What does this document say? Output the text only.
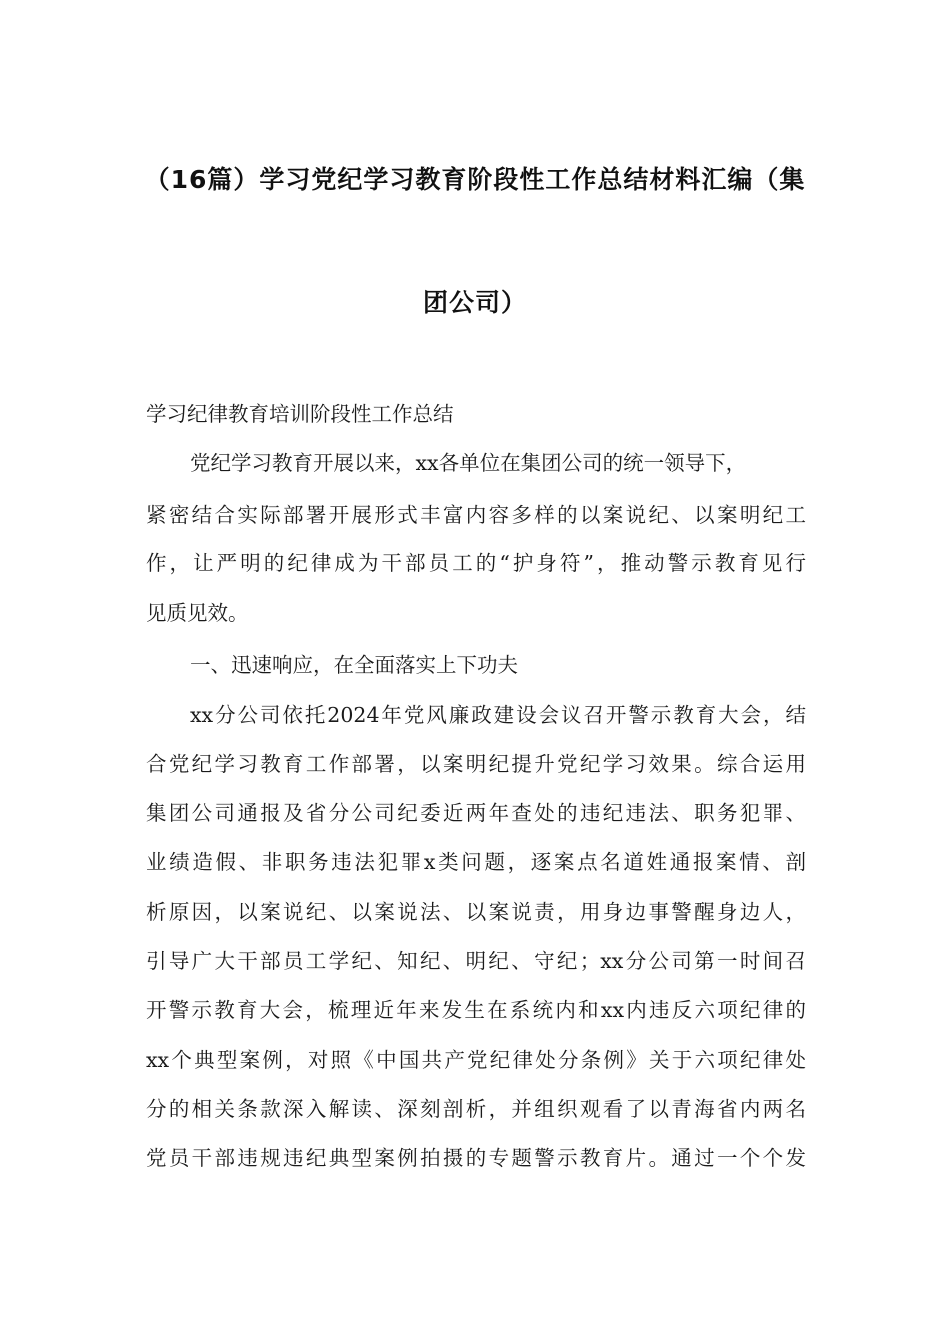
（16篇）学习党纪学习教育阶段性工作总结材料汇编（集
团公司）
学习纪律教育培训阶段性工作总结
党纪学习教育开展以来，xx各单位在集团公司的统一领导下，
紧密结合实际部署开展形式丰富内容多样的以案说纪、以案明纪工
作，让严明的纪律成为干部员工的“护身符”，推动警示教育见行
见质见效。
一、迅速响应，在全面落实上下功夫
xx分公司依托2024年党风廉政建设会议召开警示教育大会，结
合党纪学习教育工作部署，以案明纪提升党纪学习效果。综合运用
集团公司通报及省分公司纪委近两年查处的违纪违法、职务犯罪、
业绩造假、非职务违法犯罪x类问题，逐案点名道姓通报案情、剖
析原因，以案说纪、以案说法、以案说责，用身边事警醒身边人，
引导广大干部员工学纪、知纪、明纪、守纪；xx分公司第一时间召
开警示教育大会，梳理近年来发生在系统内和xx内违反六项纪律的
xx个典型案例，对照《中国共产党纪律处分条例》关于六项纪律处
分的相关条款深入解读、深刻剖析，并组织观看了以青海省内两名
党员干部违规违纪典型案例拍摄的专题警示教育片。通过一个个发
